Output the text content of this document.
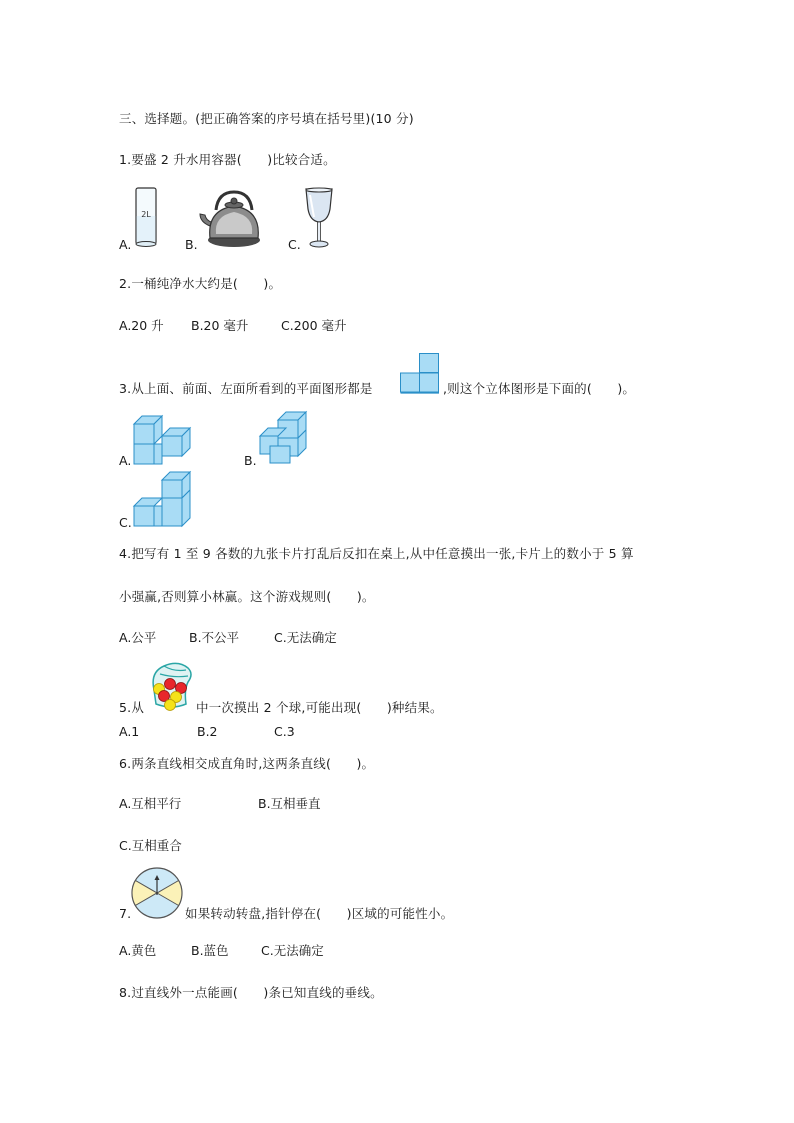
三、选择题。(把正确答案的序号填在括号里)(10 分)
1.要盛 2 升水用容器(　　)比较合适。
2L
A.	B.	C.
2.一桶纯净水大约是(　　)。
A.20 升 B.20 毫升	C.200 毫升
3.从上面、前面、左面所看到的平面图形都是	,则这个立体图形是下面的(　　)。
A.	B.
C.
4.把写有 1 至 9 各数的九张卡片打乱后反扣在桌上,从中任意摸出一张,卡片上的数小于 5 算
小强赢,否则算小林赢。这个游戏规则(　　)。
A.公平	B.不公平	C.无法确定
5.从	中一次摸出 2 个球,可能出现(　　)种结果。
A.1	B.2	C.3
6.两条直线相交成直角时,这两条直线(　　)。
A.互相平行	B.互相垂直
C.互相重合
7.	如果转动转盘,指针停在(　　)区域的可能性小。
A.黄色	B.蓝色	C.无法确定
8.过直线外一点能画(　　)条已知直线的垂线。
